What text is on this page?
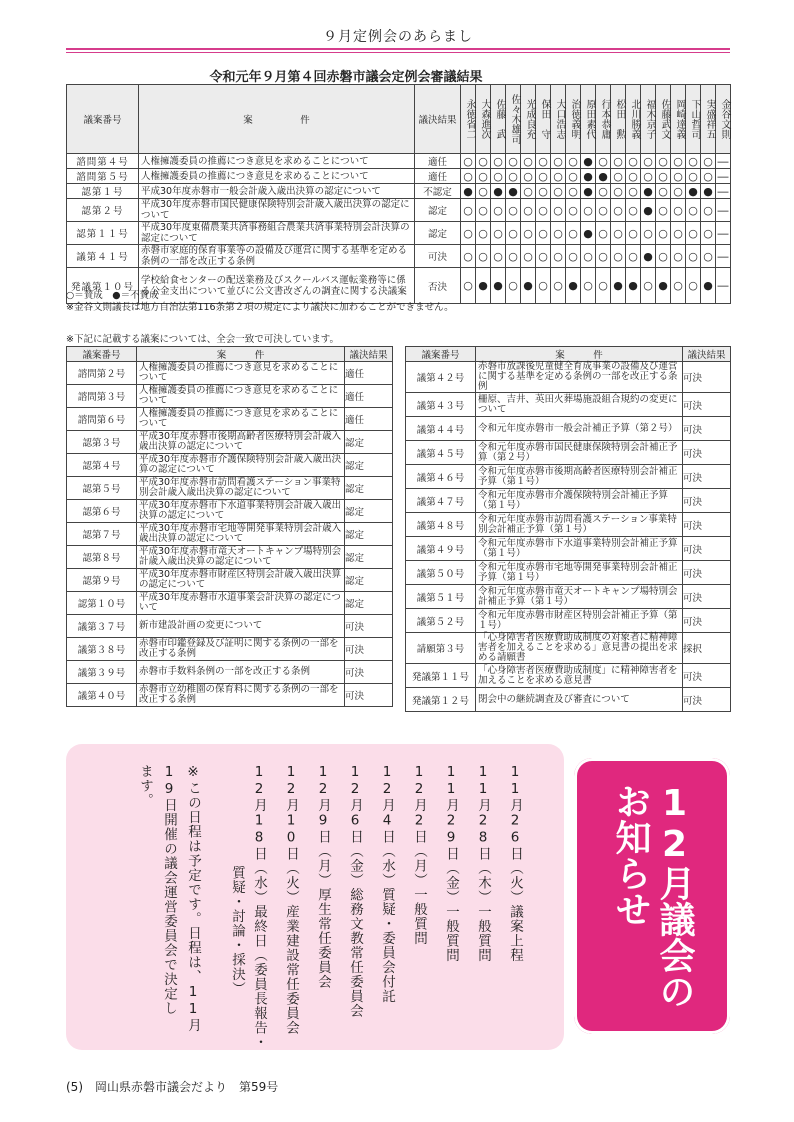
９月定例会のあらまし
令和元年９月第４回赤磐市議会定例会審議結果
議案番号	案　　　　　件	議決結果	永徳省二	大森進次	佐藤　武	佐々木雄司	光成良充	保田　守	大口浩志	治徳義明	原田素代	行本恭庸	松田　勲	北川勝義	福木京子	佐藤武文	岡崎達義	下山哲司	実盛祥五	金谷文則
諮問第４号	人権擁護委員の推薦につき意見を求めることについて	適任	○	○	○	○	○	○	○	○	●	○	○	○	○	○	○	○	○	―
諮問第５号	人権擁護委員の推薦につき意見を求めることについて	適任	○	○	○	○	○	○	○	○	●	●	○	○	○	○	○	○	○	―
認第１号	平成30年度赤磐市一般会計歳入歳出決算の認定について	不認定	●	○	●	●	○	○	○	○	●	○	○	○	●	○	○	●	●	―
認第２号	平成30年度赤磐市国民健康保険特別会計歳入歳出決算の認定について	認定	○	○	○	○	○	○	○	○	○	○	○	○	●	○	○	○	○	―
認第１１号	平成30年度東備農業共済事務組合農業共済事業特別会計決算の認定について	認定	○	○	○	○	○	○	○	○	●	○	○	○	○	○	○	○	○	―
議第４１号	赤磐市家庭的保育事業等の設備及び運営に関する基準を定める条例の一部を改正する条例	可決	○	○	○	○	○	○	○	○	○	○	○	○	●	○	○	○	○	―
発議第１０号	学校給食センターの配送業務及びスクールバス運転業務等に係る公金支出について並びに公文書改ざんの調査に関する決議案	否決	○	●	●	○	●	○	○	●	○	○	●	●	○	●	○	○	●	―
○＝賛成　●＝不賛成
※金谷文則議長は地方自治法第116条第２項の規定により議決に加わることができません。
※下記に記載する議案については、全会一致で可決しています。
議案番号	案　　　件	議決結果
諮問第２号	人権擁護委員の推薦につき意見を求めることについて	適任
諮問第３号	人権擁護委員の推薦につき意見を求めることについて	適任
諮問第６号	人権擁護委員の推薦につき意見を求めることについて	適任
認第３号	平成30年度赤磐市後期高齢者医療特別会計歳入歳出決算の認定について	認定
認第４号	平成30年度赤磐市介護保険特別会計歳入歳出決算の認定について	認定
認第５号	平成30年度赤磐市訪問看護ステーション事業特別会計歳入歳出決算の認定について	認定
認第６号	平成30年度赤磐市下水道事業特別会計歳入歳出決算の認定について	認定
認第７号	平成30年度赤磐市宅地等開発事業特別会計歳入歳出決算の認定について	認定
認第８号	平成30年度赤磐市竜天オートキャンプ場特別会計歳入歳出決算の認定について	認定
認第９号	平成30年度赤磐市財産区特別会計歳入歳出決算の認定について	認定
認第１０号	平成30年度赤磐市水道事業会計決算の認定について	認定
議第３７号	新市建設計画の変更について	可決
議第３８号	赤磐市印鑑登録及び証明に関する条例の一部を改正する条例	可決
議第３９号	赤磐市手数料条例の一部を改正する条例	可決
議第４０号	赤磐市立幼稚園の保育料に関する条例の一部を改正する条例	可決
議案番号	案　　　件	議決結果
議第４２号	赤磐市放課後児童健全育成事業の設備及び運営に関する基準を定める条例の一部を改正する条例	可決
議第４３号	柵原、吉井、英田火葬場施設組合規約の変更について	可決
議第４４号	令和元年度赤磐市一般会計補正予算（第２号）	可決
議第４５号	令和元年度赤磐市国民健康保険特別会計補正予算（第２号）	可決
議第４６号	令和元年度赤磐市後期高齢者医療特別会計補正予算（第１号）	可決
議第４７号	令和元年度赤磐市介護保険特別会計補正予算（第１号）	可決
議第４８号	令和元年度赤磐市訪問看護ステーション事業特別会計補正予算（第１号）	可決
議第４９号	令和元年度赤磐市下水道事業特別会計補正予算（第１号）	可決
議第５０号	令和元年度赤磐市宅地等開発事業特別会計補正予算（第１号）	可決
議第５１号	令和元年度赤磐市竜天オートキャンプ場特別会計補正予算（第１号）	可決
議第５２号	令和元年度赤磐市財産区特別会計補正予算（第１号）	可決
請願第３号	「心身障害者医療費助成制度の対象者に精神障害者を加えることを求める」意見書の提出を求める請願書	採択
発議第１１号	「心身障害者医療費助成制度」に精神障害者を加えることを求める意見書	可決
発議第１２号	閉会中の継続調査及び審査について	可決
11月26日（火）議案上程
11月28日（木）一般質問
11月29日（金）一般質問
12月2日（月）一般質問
12月4日（水）質疑・委員会付託
12月6日（金）総務文教常任委員会
12月9日（月）厚生常任委員会
12月10日（火）産業建設常任委員会
12月18日（水）最終日（委員長報告・
　　　　　　　質疑・討論・採決）
※この日程は予定です。日程は、11月
19日開催の議会運営委員会で決定し
ます。	12月議会の
お知らせ
(5)　岡山県赤磐市議会だより　第59号
